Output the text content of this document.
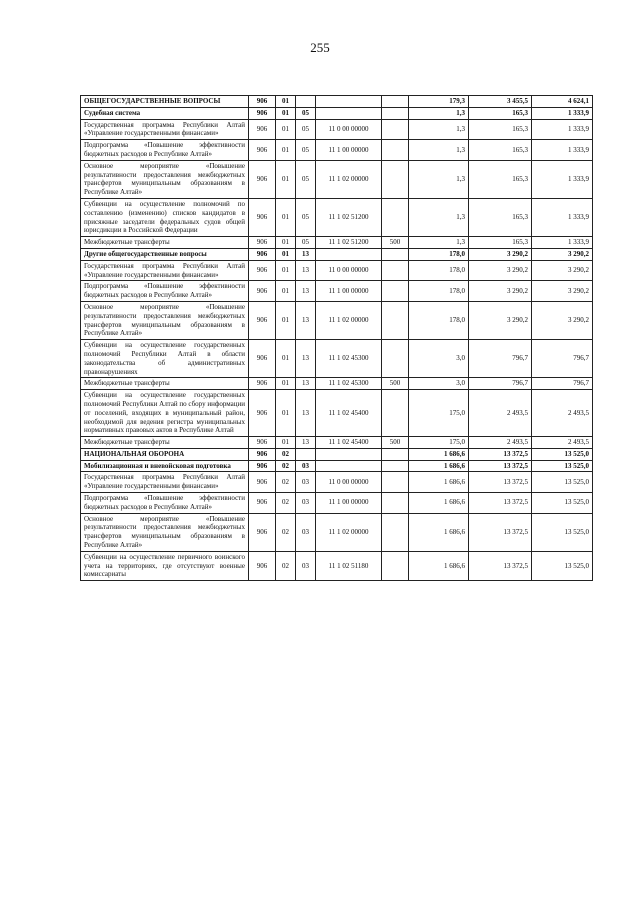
255
ОБЩЕГОСУДАРСТВЕННЫЕ ВОПРОСЫ	906	01				179,3	3 455,5	4 624,1
Судебная система	906	01	05			1,3	165,3	1 333,9
Государственная программа Республики Алтай «Управление государственными финансами»	906	01	05	11 0 00 00000		1,3	165,3	1 333,9
Подпрограмма «Повышение эффективности бюджетных расходов в Республике Алтай»	906	01	05	11 1 00 00000		1,3	165,3	1 333,9
Основное мероприятие «Повышение результативности предоставления межбюджетных трансфертов муниципальным образованиям в Республике Алтай»	906	01	05	11 1 02 00000		1,3	165,3	1 333,9
Субвенции на осуществление полномочий по составлению (изменению) списков кандидатов в присяжные заседатели федеральных судов общей юрисдикции в Российской Федерации	906	01	05	11 1 02 51200		1,3	165,3	1 333,9
Межбюджетные трансферты	906	01	05	11 1 02 51200	500	1,3	165,3	1 333,9
Другие общегосударственные вопросы	906	01	13			178,0	3 290,2	3 290,2
Государственная программа Республики Алтай «Управление государственными финансами»	906	01	13	11 0 00 00000		178,0	3 290,2	3 290,2
Подпрограмма «Повышение эффективности бюджетных расходов в Республике Алтай»	906	01	13	11 1 00 00000		178,0	3 290,2	3 290,2
Основное мероприятие «Повышение результативности предоставления межбюджетных трансфертов муниципальным образованиям в Республике Алтай»	906	01	13	11 1 02 00000		178,0	3 290,2	3 290,2
Субвенции на осуществление государственных полномочий Республики Алтай в области законодательства об административных правонарушениях	906	01	13	11 1 02 45300		3,0	796,7	796,7
Межбюджетные трансферты	906	01	13	11 1 02 45300	500	3,0	796,7	796,7
Субвенции на осуществление государственных полномочий Республики Алтай по сбору информации от поселений, входящих в муниципальный район, необходимой для ведения регистра муниципальных нормативных правовых актов в Республике Алтай	906	01	13	11 1 02 45400		175,0	2 493,5	2 493,5
Межбюджетные трансферты	906	01	13	11 1 02 45400	500	175,0	2 493,5	2 493,5
НАЦИОНАЛЬНАЯ ОБОРОНА	906	02				1 686,6	13 372,5	13 525,0
Мобилизационная и вневойсковая подготовка	906	02	03			1 686,6	13 372,5	13 525,0
Государственная программа Республики Алтай «Управление государственными финансами»	906	02	03	11 0 00 00000		1 686,6	13 372,5	13 525,0
Подпрограмма «Повышение эффективности бюджетных расходов в Республике Алтай»	906	02	03	11 1 00 00000		1 686,6	13 372,5	13 525,0
Основное мероприятие «Повышение результативности предоставления межбюджетных трансфертов муниципальным образованиям в Республике Алтай»	906	02	03	11 1 02 00000		1 686,6	13 372,5	13 525,0
Субвенции на осуществление первичного воинского учета на территориях, где отсутствуют военные комиссариаты	906	02	03	11 1 02 51180		1 686,6	13 372,5	13 525,0
